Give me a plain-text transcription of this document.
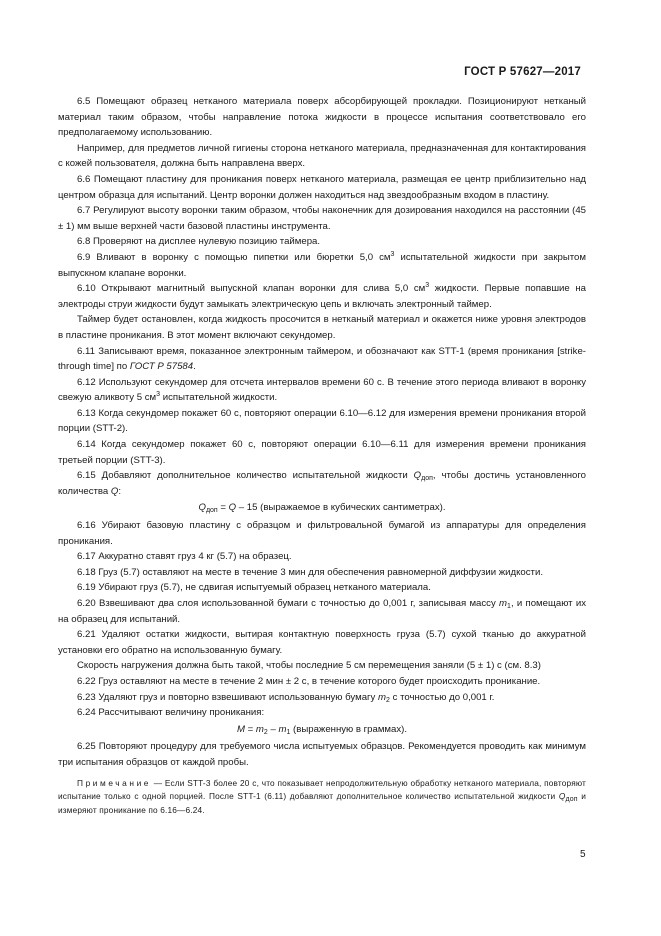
ГОСТ Р 57627—2017

6.5 Помещают образец нетканого материала поверх абсорбирующей прокладки. Позиционируют нетканый материал таким образом, чтобы направление потока жидкости в процессе испытания соответствовало его предполагаемому использованию.

Например, для предметов личной гигиены сторона нетканого материала, предназначенная для контактирования с кожей пользователя, должна быть направлена вверх.

6.6 Помещают пластину для проникания поверх нетканого материала, размещая ее центр приблизительно над центром образца для испытаний. Центр воронки должен находиться над звездообразным входом в пластину.

6.7 Регулируют высоту воронки таким образом, чтобы наконечник для дозирования находился на расстоянии (45 ± 1) мм выше верхней части базовой пластины инструмента.

6.8 Проверяют на дисплее нулевую позицию таймера.

6.9 Вливают в воронку с помощью пипетки или бюретки 5,0 $см^3$ испытательной жидкости при закрытом выпускном клапане воронки.

6.10 Открывают магнитный выпускной клапан воронки для слива 5,0 $см^3$ жидкости. Первые попавшие на электроды струи жидкости будут замыкать электрическую цепь и включать электронный таймер.

Таймер будет остановлен, когда жидкость просочится в нетканый материал и окажется ниже уровня электродов в пластине проникания. В этот момент включают секундомер.

6.11 Записывают время, показанное электронным таймером, и обозначают как STT-1 (время проникания [strike-through time] по ГОСТ Р 57584.

6.12 Используют секундомер для отсчета интервалов времени 60 с. В течение этого периода вливают в воронку свежую аликвоту 5 $см^3$ испытательной жидкости.

6.13 Когда секундомер покажет 60 с, повторяют операции 6.10—6.12 для измерения времени проникания второй порции (STT-2).

6.14 Когда секундомер покажет 60 с, повторяют операции 6.10—6.11 для измерения времени проникания третьей порции (STT-3).

6.15 Добавляют дополнительное количество испытательной жидкости $Q_{доп}$, чтобы достичь установленного количества Q:

$Q_{доп} = Q - 15$ (выражаемое в кубических сантиметрах).

6.16 Убирают базовую пластину с образцом и фильтровальной бумагой из аппаратуры для определения проникания.

6.17 Аккуратно ставят груз 4 кг (5.7) на образец.

6.18 Груз (5.7) оставляют на месте в течение 3 мин для обеспечения равномерной диффузии жидкости.

6.19 Убирают груз (5.7), не сдвигая испытуемый образец нетканого материала.

6.20 Взвешивают два слоя использованной бумаги с точностью до 0,001 г, записывая массу $m_1$, и помещают их на образец для испытаний.

6.21 Удаляют остатки жидкости, вытирая контактную поверхность груза (5.7) сухой тканью до аккуратной установки его обратно на использованную бумагу.

Скорость нагружения должна быть такой, чтобы последние 5 см перемещения заняли (5 ± 1) с (см. 8.3)

6.22 Груз оставляют на месте в течение 2 мин ± 2 с, в течение которого будет происходить проникание.

6.23 Удаляют груз и повторно взвешивают использованную бумагу $m_2$ с точностью до 0,001 г.

6.24 Рассчитывают величину проникания:

$M = m_2 - m_1$ (выраженную в граммах).

6.25 Повторяют процедуру для требуемого числа испытуемых образцов. Рекомендуется проводить как минимум три испытания образцов от каждой пробы.

Примечание — Если STT-3 более 20 с, что показывает непродолжительную обработку нетканого материала, повторяют испытание только с одной порцией. После STT-1 (6.11) добавляют дополнительное количество испытательной жидкости $Q_{доп}$ и измеряют проникание по 6.16—6.24.

5
